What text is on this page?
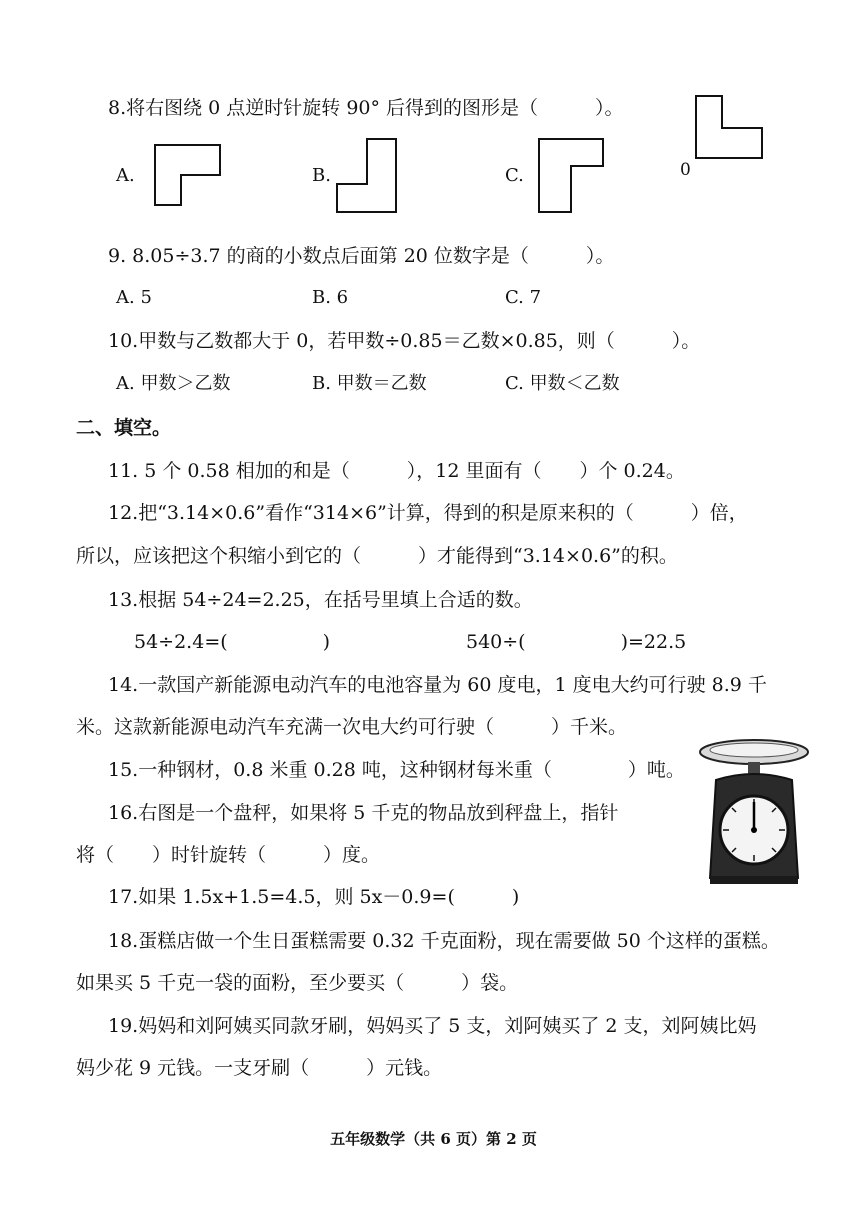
8.将右图绕 0 点逆时针旋转 90° 后得到的图形是（　　　）。
A.	B.	C.	0
9. 8.05÷3.7 的商的小数点后面第 20 位数字是（　　　）。
A. 5	B. 6	C. 7
10.甲数与乙数都大于 0，若甲数÷0.85＝乙数×0.85，则（　　　）。
A. 甲数＞乙数	B. 甲数＝乙数	C. 甲数＜乙数
二、填空。
11. 5 个 0.58 相加的和是（　　　），12 里面有（　　）个 0.24。
12.把“3.14×0.6”看作“314×6”计算，得到的积是原来积的（　　　）倍，
所以，应该把这个积缩小到它的（　　　）才能得到“3.14×0.6”的积。
13.根据 54÷24=2.25，在括号里填上合适的数。
54÷2.4=(　　　　　)	540÷(　　　　　)=22.5
14.一款国产新能源电动汽车的电池容量为 60 度电，1 度电大约可行驶 8.9 千
米。这款新能源电动汽车充满一次电大约可行驶（　　　）千米。
15.一种钢材，0.8 米重 0.28 吨，这种钢材每米重（　　　　）吨。
16.右图是一个盘秤，如果将 5 千克的物品放到秤盘上，指针
将（　　）时针旋转（　　　）度。
17.如果 1.5x+1.5=4.5，则 5x－0.9=(　　　)
18.蛋糕店做一个生日蛋糕需要 0.32 千克面粉，现在需要做 50 个这样的蛋糕。
如果买 5 千克一袋的面粉，至少要买（　　　）袋。
19.妈妈和刘阿姨买同款牙刷，妈妈买了 5 支，刘阿姨买了 2 支，刘阿姨比妈
妈少花 9 元钱。一支牙刷（　　　）元钱。
五年级数学（共 6 页）第 2 页
